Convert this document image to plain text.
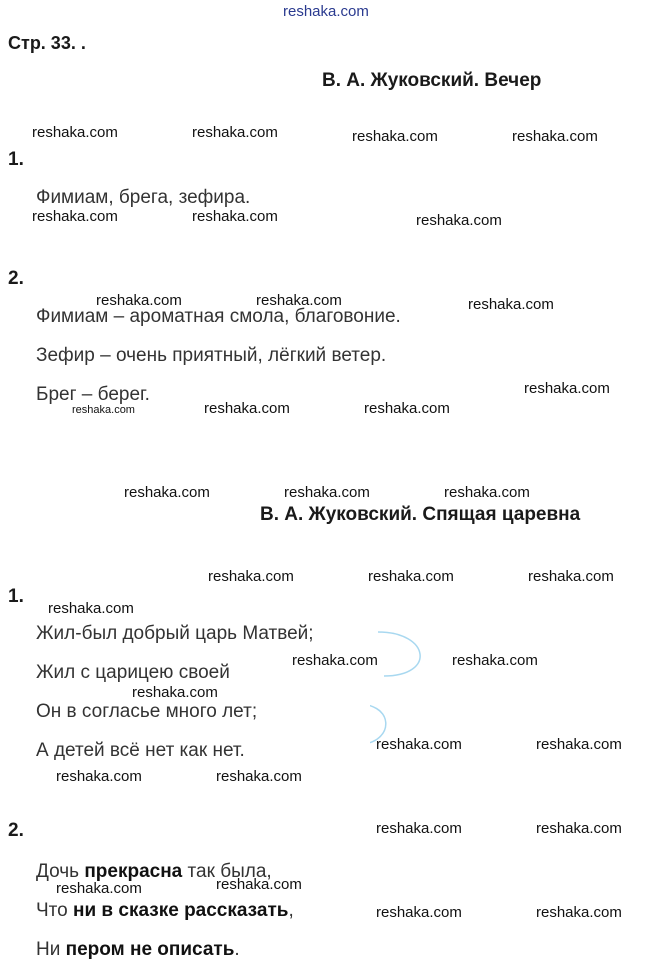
reshaka.com
Стр. 33. .
В. А. Жуковский. Вечер
1.
Фимиам, брега, зефира.
2.
Фимиам – ароматная смола, благовоние.
Зефир – очень приятный, лёгкий ветер.
Брег – берег.
В. А. Жуковский. Спящая царевна
1.
Жил-был добрый царь Матвей;
Жил с царицею своей
Он в согласье много лет;
А детей всё нет как нет.
2.
Дочь прекрасна так была,
Что ни в сказке рассказать,
Ни пером не описать.
reshaka.com	reshaka.com	reshaka.com	reshaka.com
reshaka.com	reshaka.com	reshaka.com
reshaka.com	reshaka.com	reshaka.com
reshaka.com
reshaka.com	reshaka.com	reshaka.com
reshaka.com	reshaka.com	reshaka.com
reshaka.com	reshaka.com	reshaka.com
reshaka.com
reshaka.com	reshaka.com
reshaka.com
reshaka.com	reshaka.com
reshaka.com	reshaka.com
reshaka.com	reshaka.com
reshaka.com	reshaka.com
reshaka.com	reshaka.com
